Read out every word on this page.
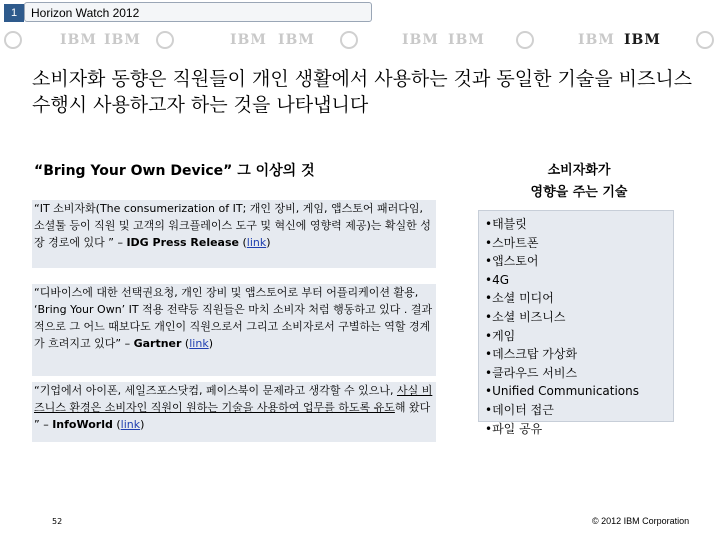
1	Horizon Watch 2012
IBM IBM	IBM IBM	IBM IBM	IBM IBM
소비자화 동향은 직원들이 개인 생활에서 사용하는 것과 동일한 기술을 비즈니스 수행시 사용하고자 하는 것을 나타냅니다
“Bring Your Own Device” 그 이상의 것
“IT 소비자화(The consumerization of IT; 개인 장비, 게임, 앱스토어 패러다임, 소셜툴 등이 직원 및 고객의 워크플레이스 도구 및 혁신에 영향력 제공)는 확실한 성장 경로에 있다 ” – IDG Press Release (link)
“디바이스에 대한 선택권요청, 개인 장비 및 앱스토어로 부터 어플리케이션 활용, ‘Bring Your Own’ IT 적용 전략등 직원들은 마치 소비자 처럼 행동하고 있다 . 결과적으로 그 어느 때보다도 개인이 직원으로서 그리고 소비자로서 구별하는 역할 경계가 흐려지고 있다” – Gartner (link)
“기업에서 아이폰, 세일즈포스닷컴, 페이스북이 문제라고 생각할 수 있으나, 사실 비즈니스 환경은 소비자인 직원이 원하는 기술을 사용하여 업무를 하도록 유도해 왔다 ” – InfoWorld (link)
소비자화가
영향을 주는 기술
• 태블릿
• 스마트폰
• 앱스토어
• 4G
• 소셜 미디어
• 소셜 비즈니스
• 게임
• 데스크탑 가상화
• 클라우드 서비스
• Unified Communications
• 데이터 접근
• 파일 공유
52	© 2012 IBM Corporation
